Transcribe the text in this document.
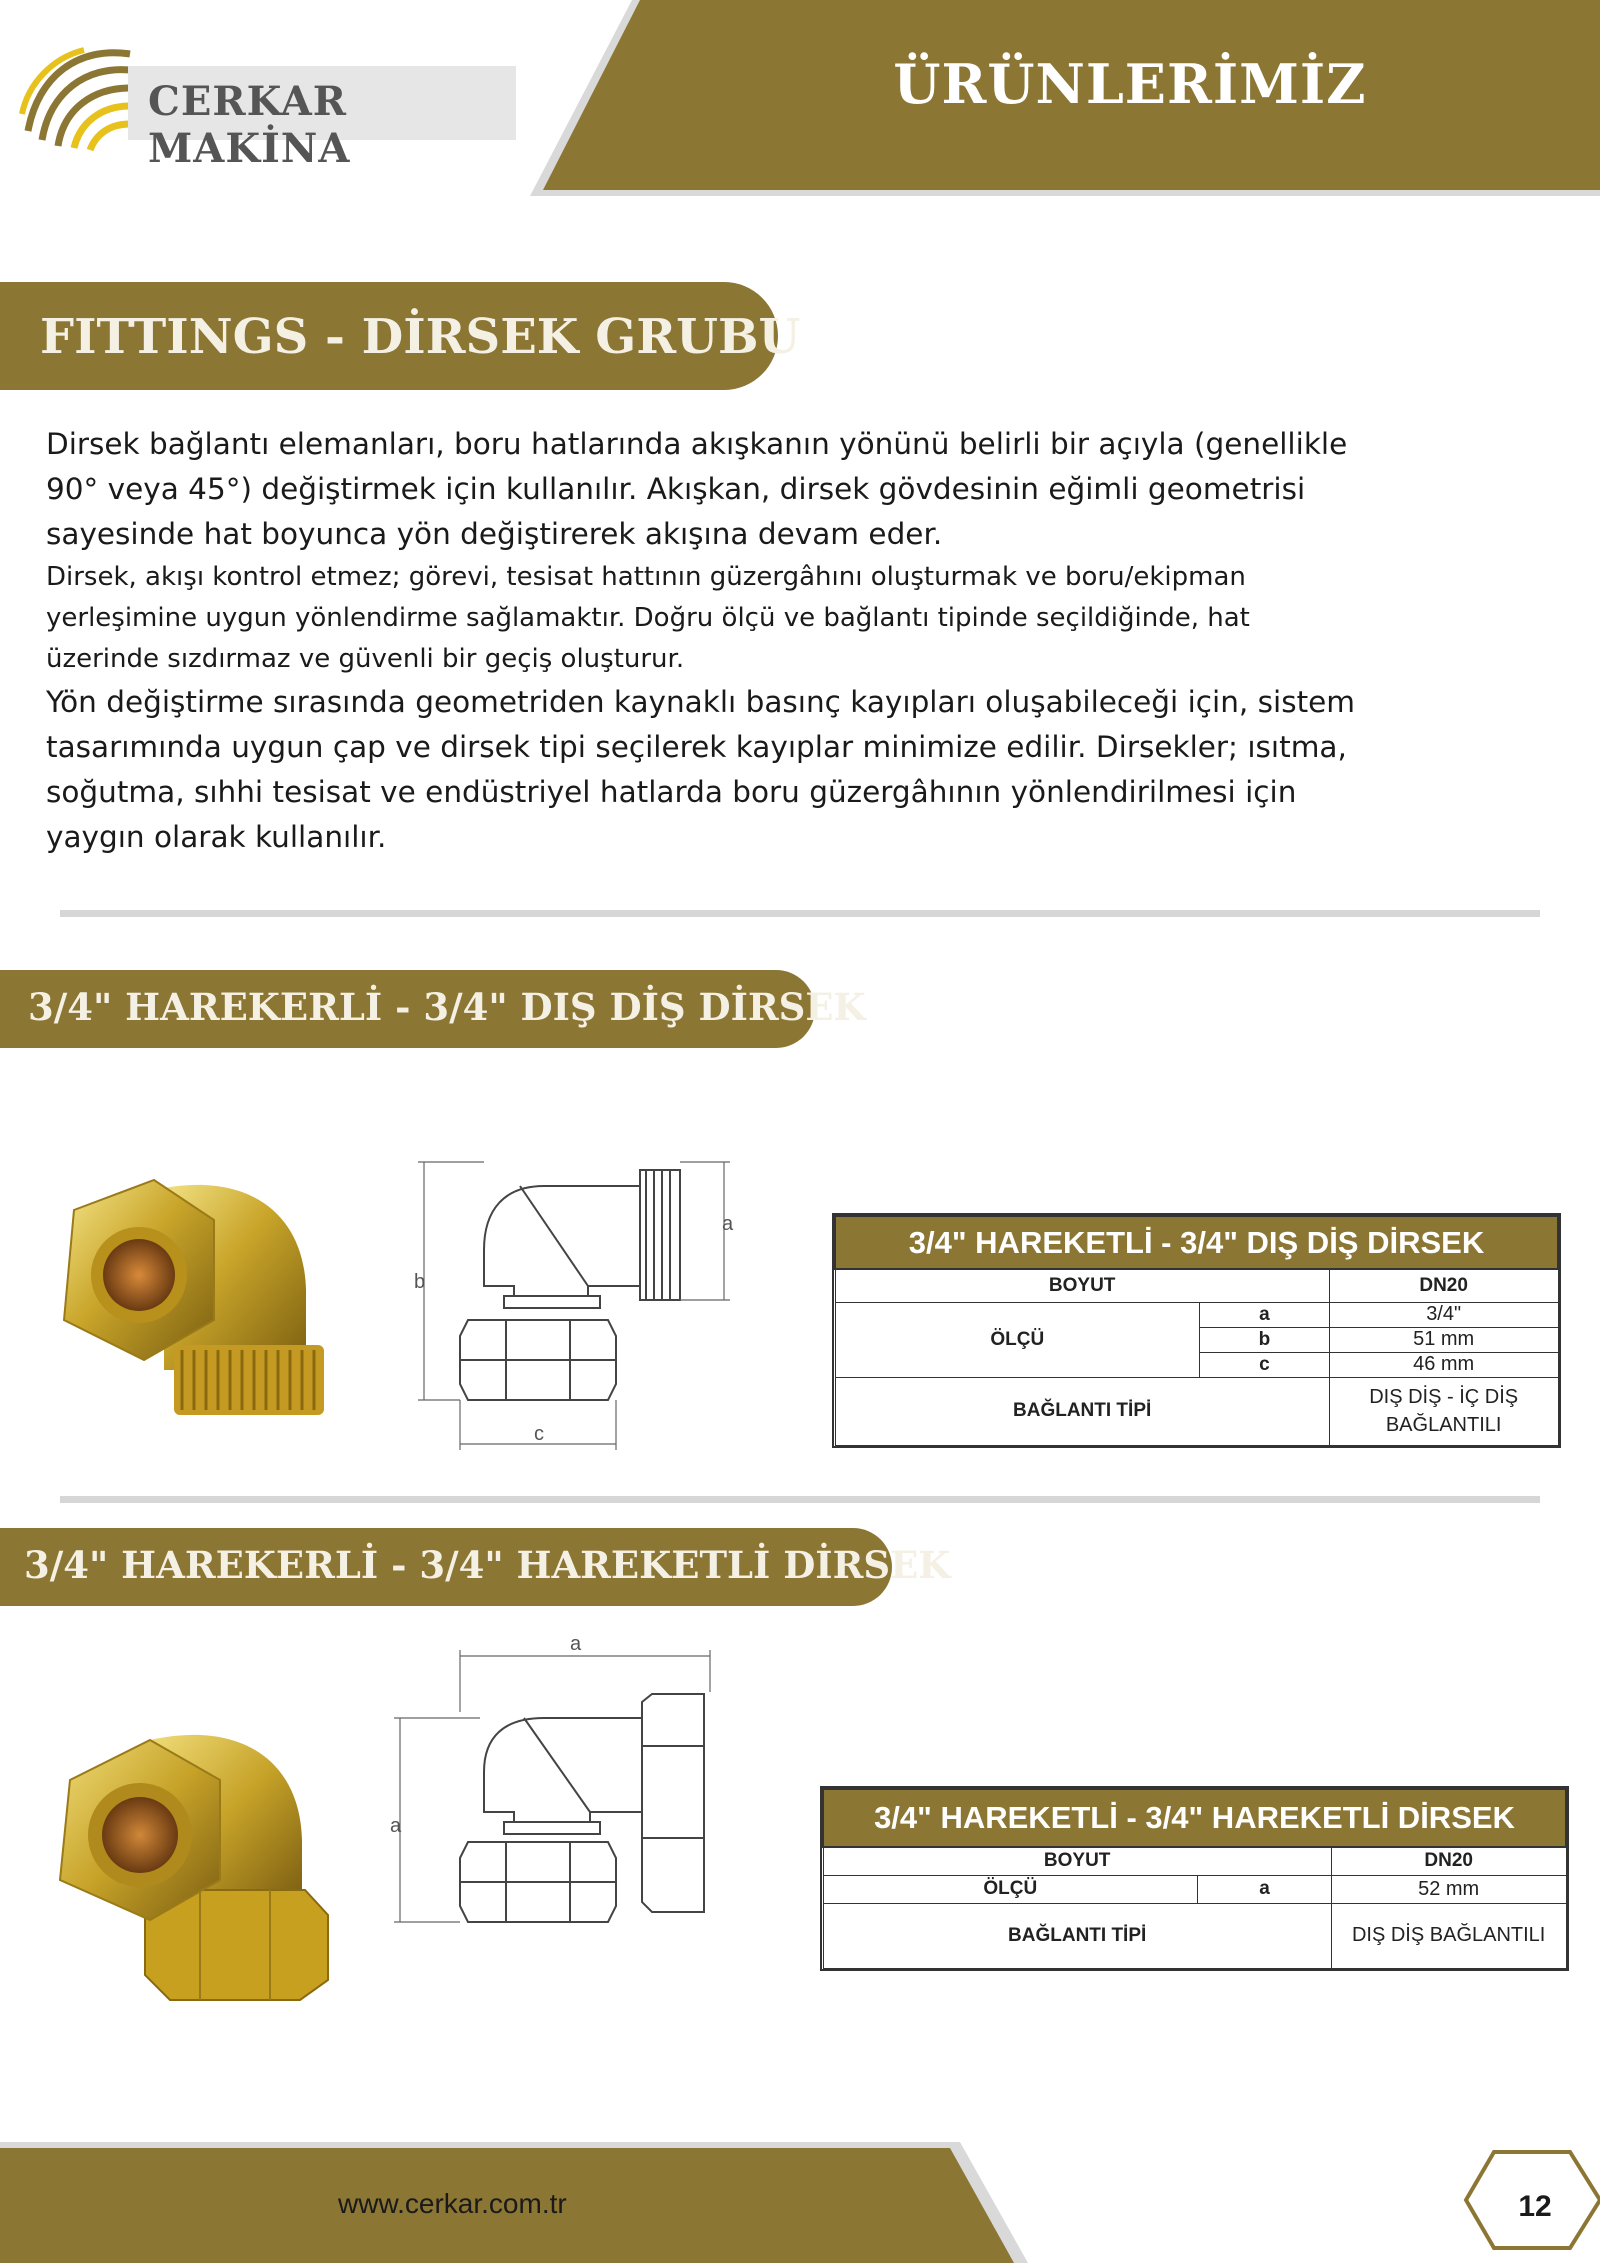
CERKAR MAKİNA
ÜRÜNLERİMİZ
FITTINGS - DİRSEK GRUBU

Dirsek bağlantı elemanları, boru hatlarında akışkanın yönünü belirli bir açıyla (genellikle
90° veya 45°) değiştirmek için kullanılır. Akışkan, dirsek gövdesinin eğimli geometrisi
sayesinde hat boyunca yön değiştirerek akışına devam eder.

Dirsek, akışı kontrol etmez; görevi, tesisat hattının güzergâhını oluşturmak ve boru/ekipman
yerleşimine uygun yönlendirme sağlamaktır. Doğru ölçü ve bağlantı tipinde seçildiğinde, hat
üzerinde sızdırmaz ve güvenli bir geçiş oluşturur.

Yön değiştirme sırasında geometriden kaynaklı basınç kayıpları oluşabileceği için, sistem
tasarımında uygun çap ve dirsek tipi seçilerek kayıplar minimize edilir. Dirsekler; ısıtma,
soğutma, sıhhi tesisat ve endüstriyel hatlarda boru güzergâhının yönlendirilmesi için
yaygın olarak kullanılır.

3/4" HAREKERLİ - 3/4" DIŞ DİŞ DİRSEK
b
a
c
3/4" HAREKETLİ - 3/4" DIŞ DİŞ DİRSEK		
BOYUT		DN20
ÖLÇÜ	a	3/4"
	b	51 mm
	c	46 mm
BAĞLANTI TİPİ		DIŞ DİŞ - İÇ DİŞ
BAĞLANTILI
3/4" HAREKERLİ - 3/4" HAREKETLİ DİRSEK
a
a	3/4" HAREKETLİ - 3/4" HAREKETLİ DİRSEK		
BOYUT		DN20
ÖLÇÜ	a	52 mm
BAĞLANTI TİPİ		DIŞ DİŞ BAĞLANTILI
www.cerkar.com.tr	12
